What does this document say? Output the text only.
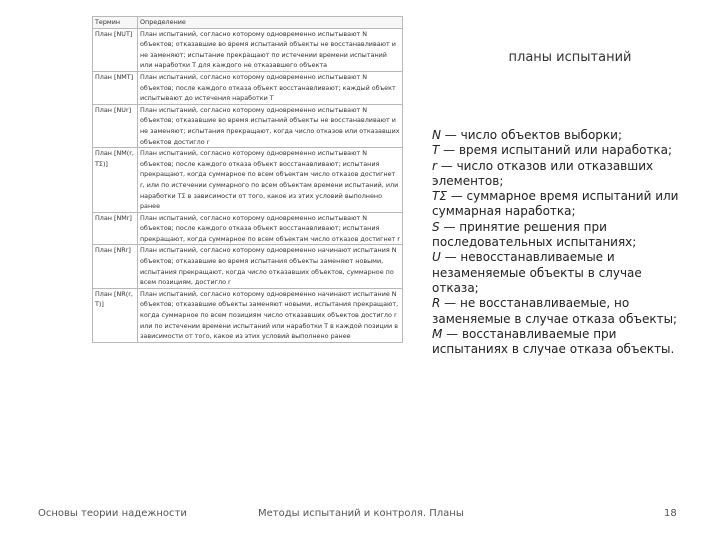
Термин	Определение
План [NUT]	План испытаний, согласно которому одновременно испытывают N объектов; отказавшие во время испытаний объекты не восстанавливают и не заменяют; испытание прекращают по истечении времени испытаний или наработки T для каждого не отказавшего объекта
План [NMT]	План испытаний, согласно которому одновременно испытывают N объектов; после каждого отказа объект восстанавливают; каждый объект испытывают до истечения наработки T
План [NUr]	План испытаний, согласно которому одновременно испытывают N объектов; отказавшие во время испытаний объекты не восстанавливают и не заменяют; испытания прекращают, когда число отказов или отказавших объектов достигло r
План [NM(r, TΣ)]	План испытаний, согласно которому одновременно испытывают N объектов; после каждого отказа объект восстанавливают; испытания прекращают, когда суммарное по всем объектам число отказов достигнет r, или по истечении суммарного по всем объектам времени испытаний, или наработки TΣ в зависимости от того, какое из этих условий выполнено ранее
План [NMr]	План испытаний, согласно которому одновременно испытывают N объектов; после каждого отказа объект восстанавливают; испытания прекращают, когда суммарное по всем объектам число отказов достигнет r
План [NRr]	План испытаний, согласно которому одновременно начинают испытания N объектов; отказавшие во время испытания объекты заменяют новыми, испытания прекращают, когда число отказавших объектов, суммарное по всем позициям, достигло r
План [NR(r, T)]	План испытаний, согласно которому одновременно начинают испытание N объектов; отказавшие объекты заменяют новыми, испытания прекращают, когда суммарное по всем позициям число отказавших объектов достигло r или по истечении времени испытаний или наработки T в каждой позиции в зависимости от того, какое из этих условий выполнено ранее
планы испытаний

N — число объектов выборки;

T — время испытаний или наработка;

r — число отказов или отказавших элементов;

TΣ — суммарное время испытаний или суммарная наработка;

S — принятие решения при последовательных испытаниях;

U — невосстанавливаемые и незаменяемые объекты в случае отказа;

R — не восстанавливаемые, но заменяемые в случае отказа объекты;

M — восстанавливаемые при испытаниях в случае отказа объекты.

Основы теории надежности	Методы испытаний и контроля. Планы	18
